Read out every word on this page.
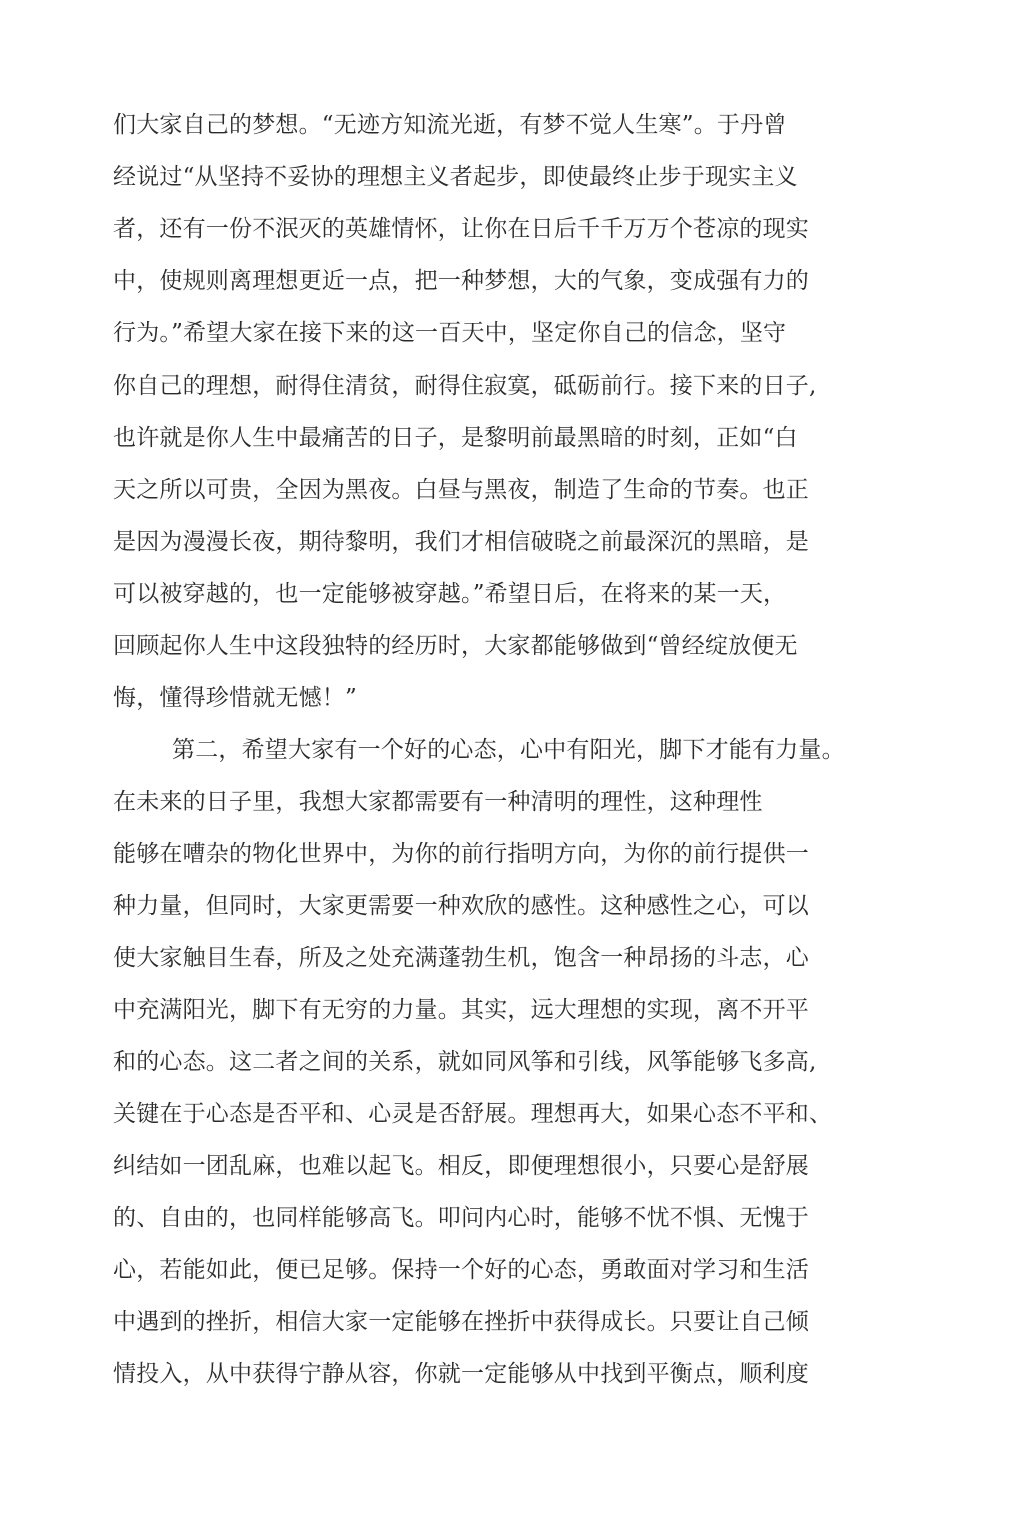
们大家自己的梦想。“无迹方知流光逝，有梦不觉人生寒”。于丹曾
经说过“从坚持不妥协的理想主义者起步，即使最终止步于现实主义
者，还有一份不泯灭的英雄情怀，让你在日后千千万万个苍凉的现实
中，使规则离理想更近一点，把一种梦想，大的气象，变成强有力的
行为。”希望大家在接下来的这一百天中，坚定你自己的信念，坚守
你自己的理想，耐得住清贫，耐得住寂寞，砥砺前行。接下来的日子,
也许就是你人生中最痛苦的日子，是黎明前最黑暗的时刻，正如“白
天之所以可贵，全因为黑夜。白昼与黑夜，制造了生命的节奏。也正
是因为漫漫长夜，期待黎明，我们才相信破晓之前最深沉的黑暗，是
可以被穿越的，也一定能够被穿越。”希望日后，在将来的某一天，
回顾起你人生中这段独特的经历时，大家都能够做到“曾经绽放便无
悔，懂得珍惜就无憾！”
第二，希望大家有一个好的心态，心中有阳光，脚下才能有力量。
在未来的日子里，我想大家都需要有一种清明的理性，这种理性
能够在嘈杂的物化世界中，为你的前行指明方向，为你的前行提供一
种力量，但同时，大家更需要一种欢欣的感性。这种感性之心，可以
使大家触目生春，所及之处充满蓬勃生机，饱含一种昂扬的斗志，心
中充满阳光，脚下有无穷的力量。其实，远大理想的实现，离不开平
和的心态。这二者之间的关系，就如同风筝和引线，风筝能够飞多高,
关键在于心态是否平和、心灵是否舒展。理想再大，如果心态不平和、
纠结如一团乱麻，也难以起飞。相反，即便理想很小，只要心是舒展
的、自由的，也同样能够高飞。叩问内心时，能够不忧不惧、无愧于
心，若能如此，便已足够。保持一个好的心态，勇敢面对学习和生活
中遇到的挫折，相信大家一定能够在挫折中获得成长。只要让自己倾
情投入，从中获得宁静从容，你就一定能够从中找到平衡点，顺利度
